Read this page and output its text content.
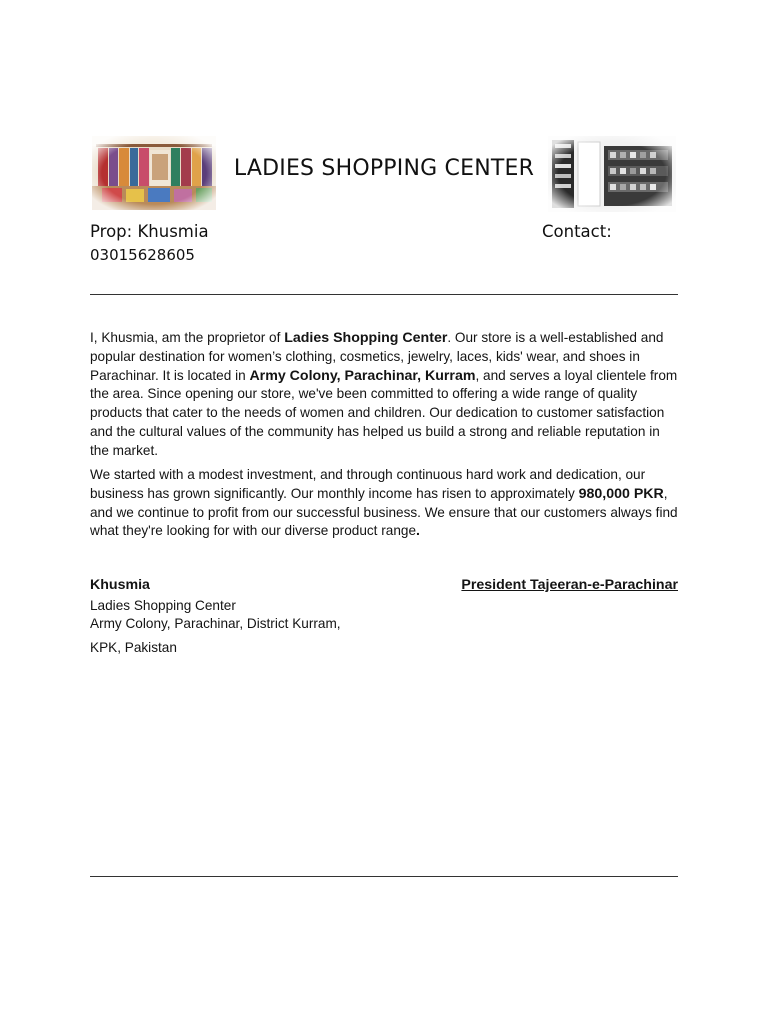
LADIES SHOPPING CENTER
Prop: Khusmia	Contact:
03015628605
I, Khusmia, am the proprietor of Ladies Shopping Center. Our store is a well-established and popular destination for women’s clothing, cosmetics, jewelry, laces, kids' wear, and shoes in Parachinar. It is located in Army Colony, Parachinar, Kurram, and serves a loyal clientele from the area. Since opening our store, we've been committed to offering a wide range of quality products that cater to the needs of women and children. Our dedication to customer satisfaction and the cultural values of the community has helped us build a strong and reliable reputation in the market.
We started with a modest investment, and through continuous hard work and dedication, our business has grown significantly. Our monthly income has risen to approximately 980,000 PKR, and we continue to profit from our successful business. We ensure that our customers always find what they're looking for with our diverse product range.
Khusmia
Ladies Shopping Center
Army Colony, Parachinar, District Kurram,
KPK, Pakistan
President Tajeeran-e-Parachinar
